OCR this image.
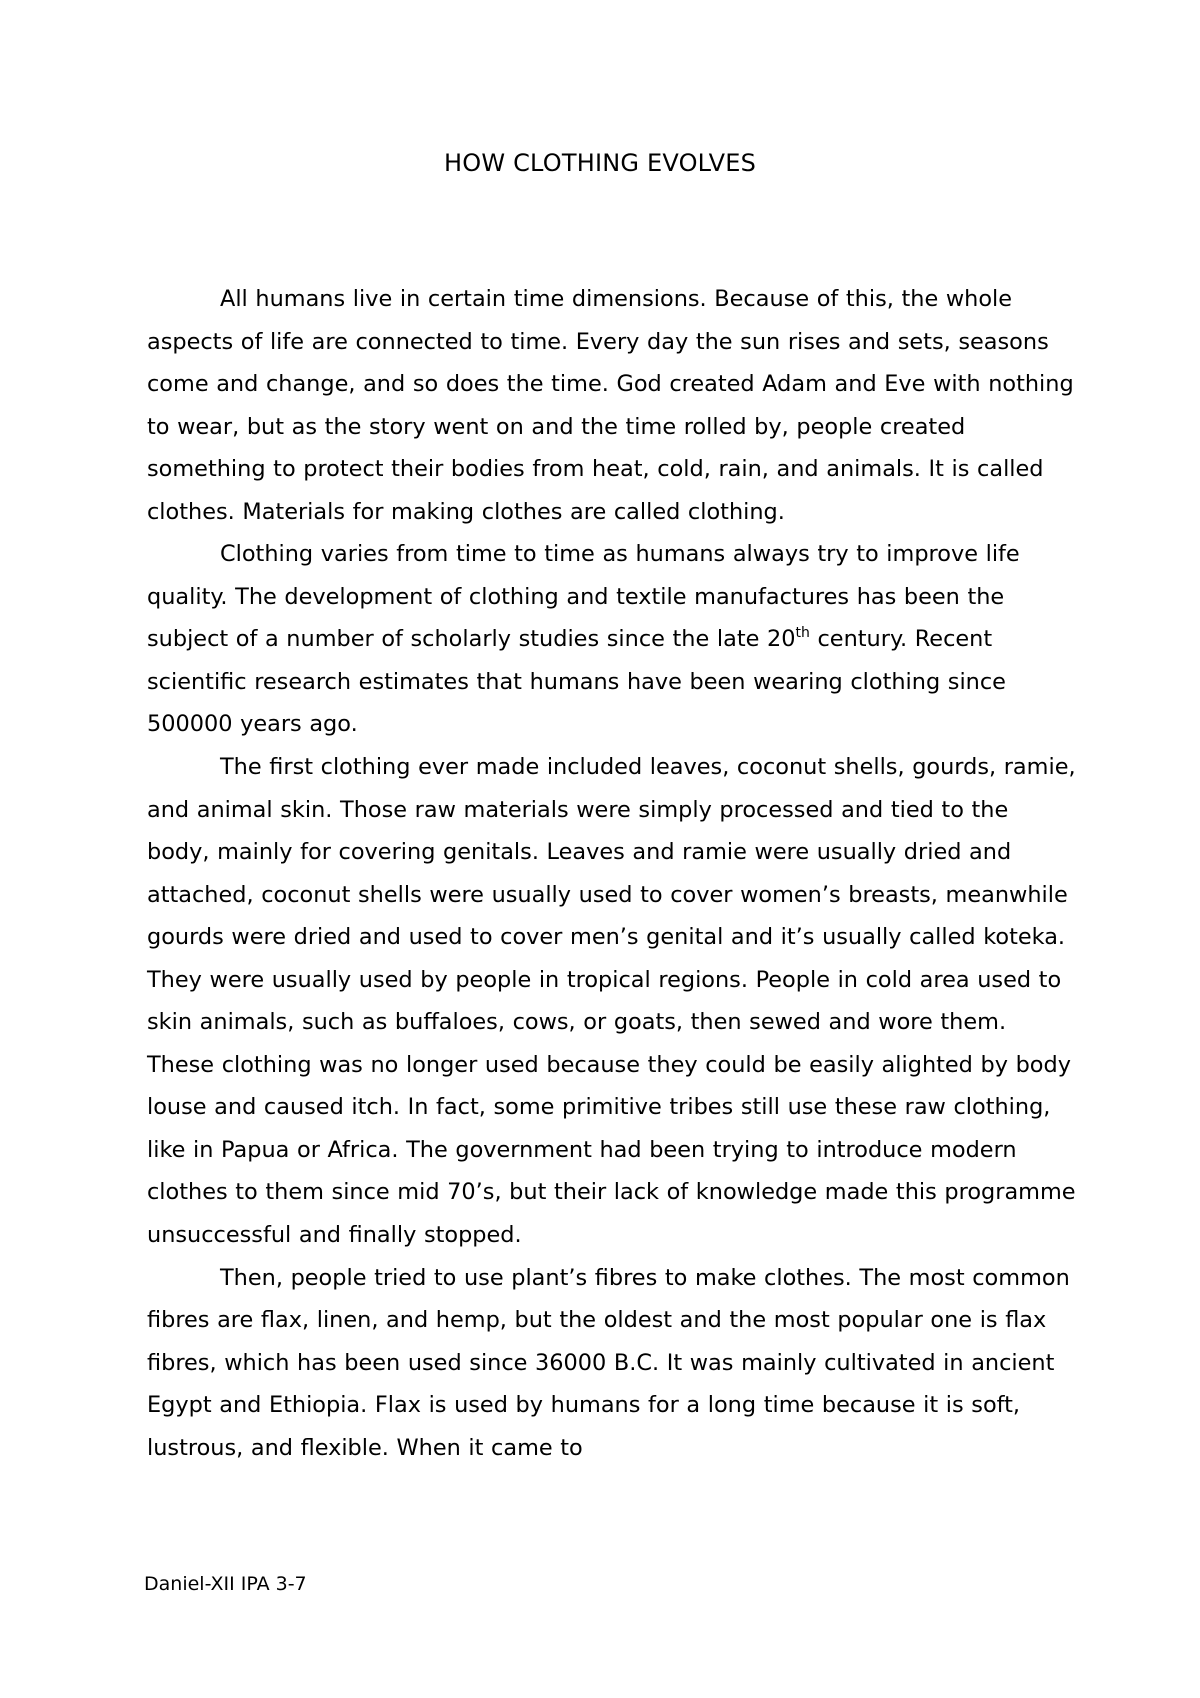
HOW CLOTHING EVOLVES

All humans live in certain time dimensions. Because of this, the whole aspects of life are connected to time. Every day the sun rises and sets, seasons come and change, and so does the time. God created Adam and Eve with nothing to wear, but as the story went on and the time rolled by, people created something to protect their bodies from heat, cold, rain, and animals. It is called clothes. Materials for making clothes are called clothing.

Clothing varies from time to time as humans always try to improve life quality. The development of clothing and textile manufactures has been the subject of a number of scholarly studies since the late 20th century. Recent scientific research estimates that humans have been wearing clothing since 500000 years ago.

The first clothing ever made included leaves, coconut shells, gourds, ramie, and animal skin. Those raw materials were simply processed and tied to the body, mainly for covering genitals. Leaves and ramie were usually dried and attached, coconut shells were usually used to cover women’s breasts, meanwhile gourds were dried and used to cover men’s genital and it’s usually called koteka. They were usually used by people in tropical regions. People in cold area used to skin animals, such as buffaloes, cows, or goats, then sewed and wore them. These clothing was no longer used because they could be easily alighted by body louse and caused itch. In fact, some primitive tribes still use these raw clothing, like in Papua or Africa. The government had been trying to introduce modern clothes to them since mid 70’s, but their lack of knowledge made this programme unsuccessful and finally stopped.

Then, people tried to use plant’s fibres to make clothes. The most common fibres are flax, linen, and hemp, but the oldest and the most popular one is flax fibres, which has been used since 36000 B.C. It was mainly cultivated in ancient Egypt and Ethiopia. Flax is used by humans for a long time because it is soft, lustrous, and flexible. When it came to

Daniel-XII IPA 3-7
